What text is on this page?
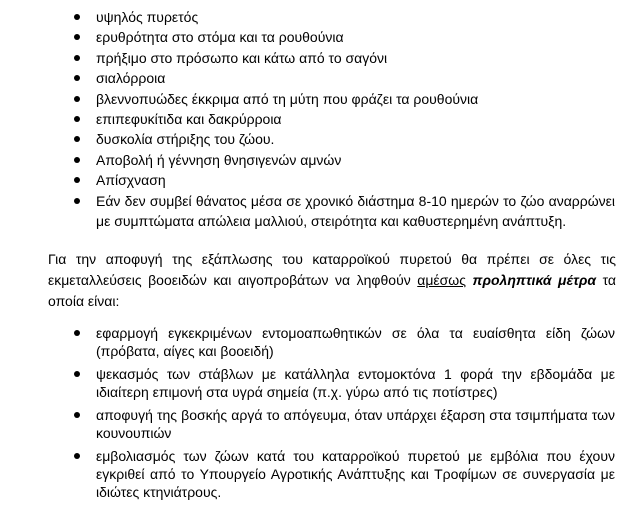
υψηλός πυρετός
ερυθρότητα στο στόμα και τα ρουθούνια
πρήξιμο στο πρόσωπο και κάτω από το σαγόνι
σιαλόρροια
βλεννοπυώδες έκκριμα από τη μύτη που φράζει τα ρουθούνια
επιπεφυκίτιδα και δακρύρροια
δυσκολία στήριξης του ζώου.
Αποβολή ή γέννηση θνησιγενών αμνών
Απίσχναση
Εάν δεν συμβεί θάνατος μέσα σε χρονικό διάστημα 8-10 ημερών το ζώο αναρρώνει με συμπτώματα απώλεια μαλλιού, στειρότητα και καθυστερημένη ανάπτυξη.

Για την αποφυγή της εξάπλωσης του καταρροϊκού πυρετού θα πρέπει σε όλες τις εκμεταλλεύσεις βοοειδών και αιγοπροβάτων να ληφθούν αμέσως προληπτικά μέτρα τα οποία είναι:

εφαρμογή εγκεκριμένων εντομοαπωθητικών σε όλα τα ευαίσθητα είδη ζώων (πρόβατα, αίγες και βοοειδή)
ψεκασμός των στάβλων με κατάλληλα εντομοκτόνα 1 φορά την εβδομάδα με ιδιαίτερη επιμονή στα υγρά σημεία (π.χ. γύρω από τις ποτίστρες)
αποφυγή της βοσκής αργά το απόγευμα, όταν υπάρχει έξαρση στα τσιμπήματα των κουνουπιών
εμβολιασμός των ζώων κατά του καταρροϊκού πυρετού με εμβόλια που έχουν εγκριθεί από το Υπουργείο Αγροτικής Ανάπτυξης και Τροφίμων σε συνεργασία με ιδιώτες κτηνιάτρους.
